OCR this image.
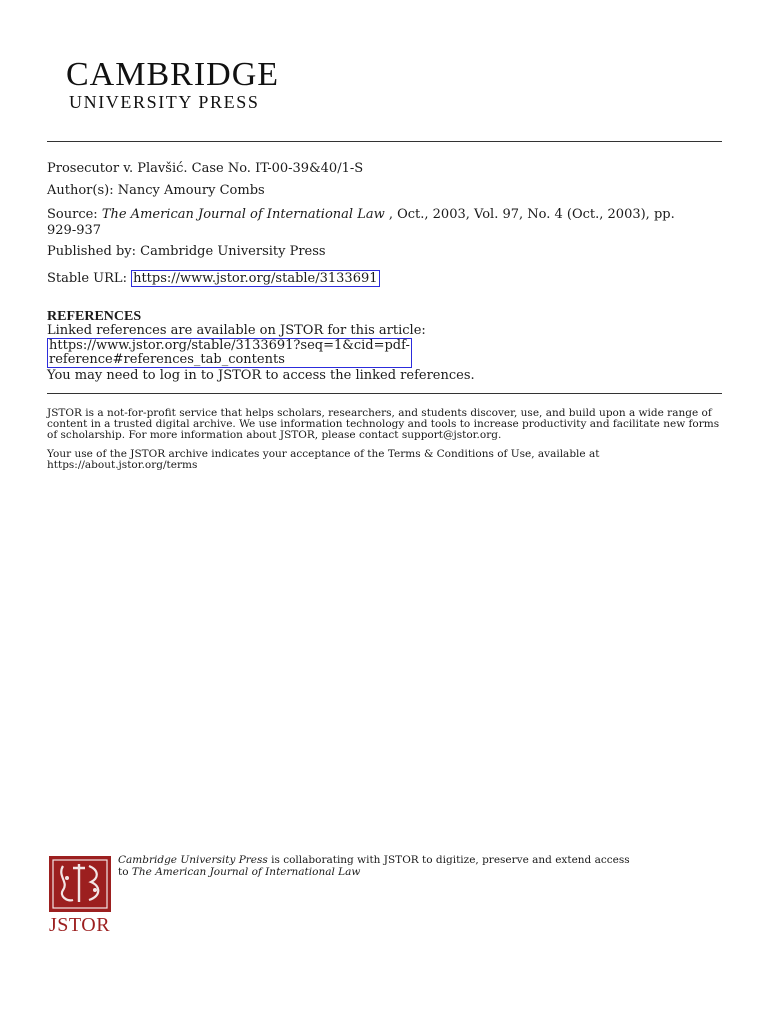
CAMBRIDGE
UNIVERSITY PRESS
Prosecutor v. Plavšić. Case No. IT-00-39&40/1-S
Author(s): Nancy Amoury Combs
Source: The American Journal of International Law , Oct., 2003, Vol. 97, No. 4 (Oct., 2003), pp. 929-937
Published by: Cambridge University Press
Stable URL: https://www.jstor.org/stable/3133691
REFERENCES
Linked references are available on JSTOR for this article:
https://www.jstor.org/stable/3133691?seq=1&cid=pdf-
reference#references_tab_contents
You may need to log in to JSTOR to access the linked references.
JSTOR is a not-for-profit service that helps scholars, researchers, and students discover, use, and build upon a wide range of content in a trusted digital archive. We use information technology and tools to increase productivity and facilitate new forms of scholarship. For more information about JSTOR, please contact support@jstor.org.
Your use of the JSTOR archive indicates your acceptance of the Terms & Conditions of Use, available at https://about.jstor.org/terms
JSTOR
Cambridge University Press is collaborating with JSTOR to digitize, preserve and extend access
to The American Journal of International Law
